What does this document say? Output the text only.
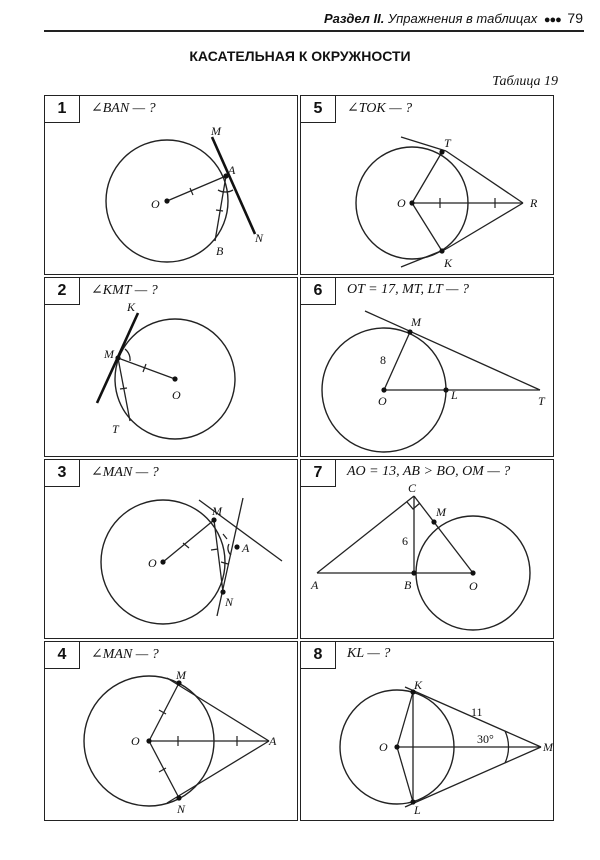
Раздел II. Упражнения в таблицах ●●● 79
КАСАТЕЛЬНАЯ К ОКРУЖНОСТИ
Таблица 19
1	∠BAN — ?
O
A
M
B
N
5	∠TOK — ?
O
T
R
K
2	∠KMT — ?
K
M
O
T
6	OT = 17, MT, LT — ?
M
8
O	L	T
3	∠MAN — ?
O
M
A
N
7	AO = 13, AB > BO, OM — ?
C
M
6
A	B	O
4	∠MAN — ?
O
M
A
N
8	KL — ?
K
O	M
L
11
30°
